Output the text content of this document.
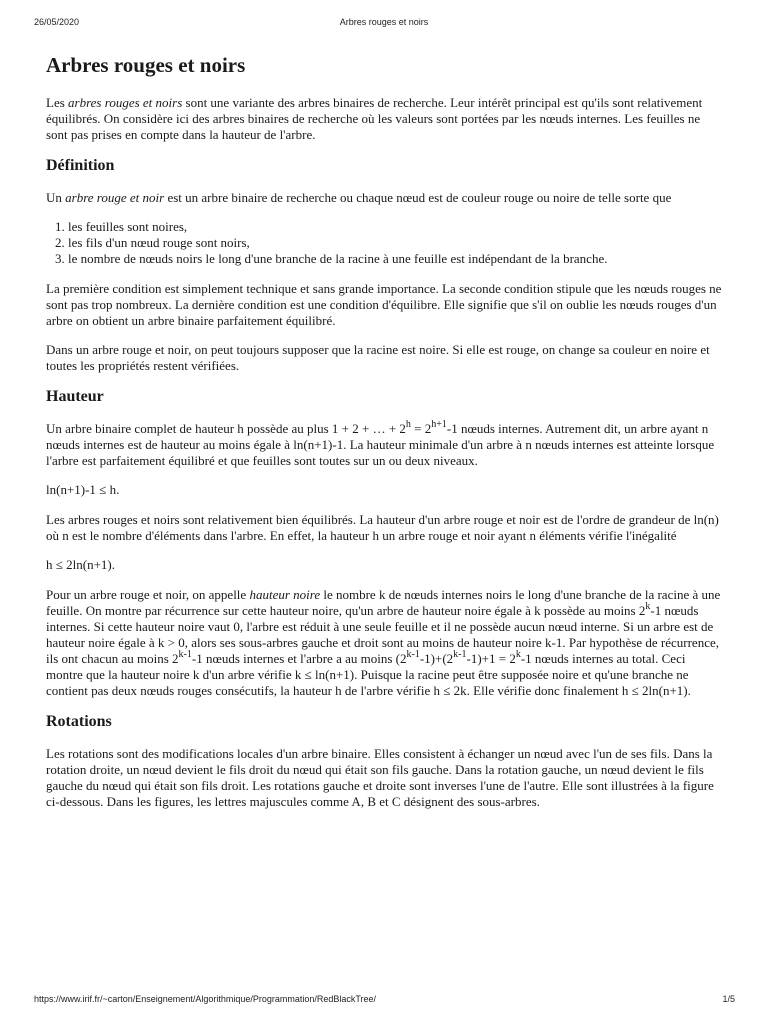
26/05/2020	Arbres rouges et noirs
Arbres rouges et noirs

Les arbres rouges et noirs sont une variante des arbres binaires de recherche. Leur intérêt principal est qu'ils sont relativement équilibrés. On considère ici des arbres binaires de recherche où les valeurs sont portées par les nœuds internes. Les feuilles ne sont pas prises en compte dans la hauteur de l'arbre.

Définition

Un arbre rouge et noir est un arbre binaire de recherche ou chaque nœud est de couleur rouge ou noire de telle sorte que

1. les feuilles sont noires,
2. les fils d'un nœud rouge sont noirs,
3. le nombre de nœuds noirs le long d'une branche de la racine à une feuille est indépendant de la branche.

La première condition est simplement technique et sans grande importance. La seconde condition stipule que les nœuds rouges ne sont pas trop nombreux. La dernière condition est une condition d'équilibre. Elle signifie que s'il on oublie les nœuds rouges d'un arbre on obtient un arbre binaire parfaitement équilibré.

Dans un arbre rouge et noir, on peut toujours supposer que la racine est noire. Si elle est rouge, on change sa couleur en noire et toutes les propriétés restent vérifiées.

Hauteur

Un arbre binaire complet de hauteur h possède au plus 1 + 2 + … + $2^h = 2^{h+1}-1$ nœuds internes. Autrement dit, un arbre ayant n nœuds internes est de hauteur au moins égale à ln(n+1)-1. La hauteur minimale d'un arbre à n nœuds internes est atteinte lorsque l'arbre est parfaitement équilibré et que feuilles sont toutes sur un ou deux niveaux.

ln(n+1)-1 ≤ h.

Les arbres rouges et noirs sont relativement bien équilibrés. La hauteur d'un arbre rouge et noir est de l'ordre de grandeur de ln(n) où n est le nombre d'éléments dans l'arbre. En effet, la hauteur h un arbre rouge et noir ayant n éléments vérifie l'inégalité

h ≤ 2ln(n+1).

Pour un arbre rouge et noir, on appelle hauteur noire le nombre k de nœuds internes noirs le long d'une branche de la racine à une feuille. On montre par récurrence sur cette hauteur noire, qu'un arbre de hauteur noire égale à k possède au moins 2$^k$-1 nœuds internes. Si cette hauteur noire vaut 0, l'arbre est réduit à une seule feuille et il ne possède aucun nœud interne. Si un arbre est de hauteur noire égale à k > 0, alors ses sous-arbres gauche et droit sont au moins de hauteur noire k-1. Par hypothèse de récurrence, ils ont chacun au moins 2$^{k-1}$-1 nœuds internes et l'arbre a au moins $(2^{k-1}-1)+(2^{k-1}-1)+1 = 2^k-1$ nœuds internes au total. Ceci montre que la hauteur noire k d'un arbre vérifie k ≤ ln(n+1). Puisque la racine peut être supposée noire et qu'une branche ne contient pas deux nœuds rouges consécutifs, la hauteur h de l'arbre vérifie h ≤ 2k. Elle vérifie donc finalement h ≤ 2ln(n+1).

Rotations

Les rotations sont des modifications locales d'un arbre binaire. Elles consistent à échanger un nœud avec l'un de ses fils. Dans la rotation droite, un nœud devient le fils droit du nœud qui était son fils gauche. Dans la rotation gauche, un nœud devient le fils gauche du nœud qui était son fils droit. Les rotations gauche et droite sont inverses l'une de l'autre. Elle sont illustrées à la figure ci-dessous. Dans les figures, les lettres majuscules comme A, B et C désignent des sous-arbres.

https://www.irif.fr/~carton/Enseignement/Algorithmique/Programmation/RedBlackTree/	1/5
